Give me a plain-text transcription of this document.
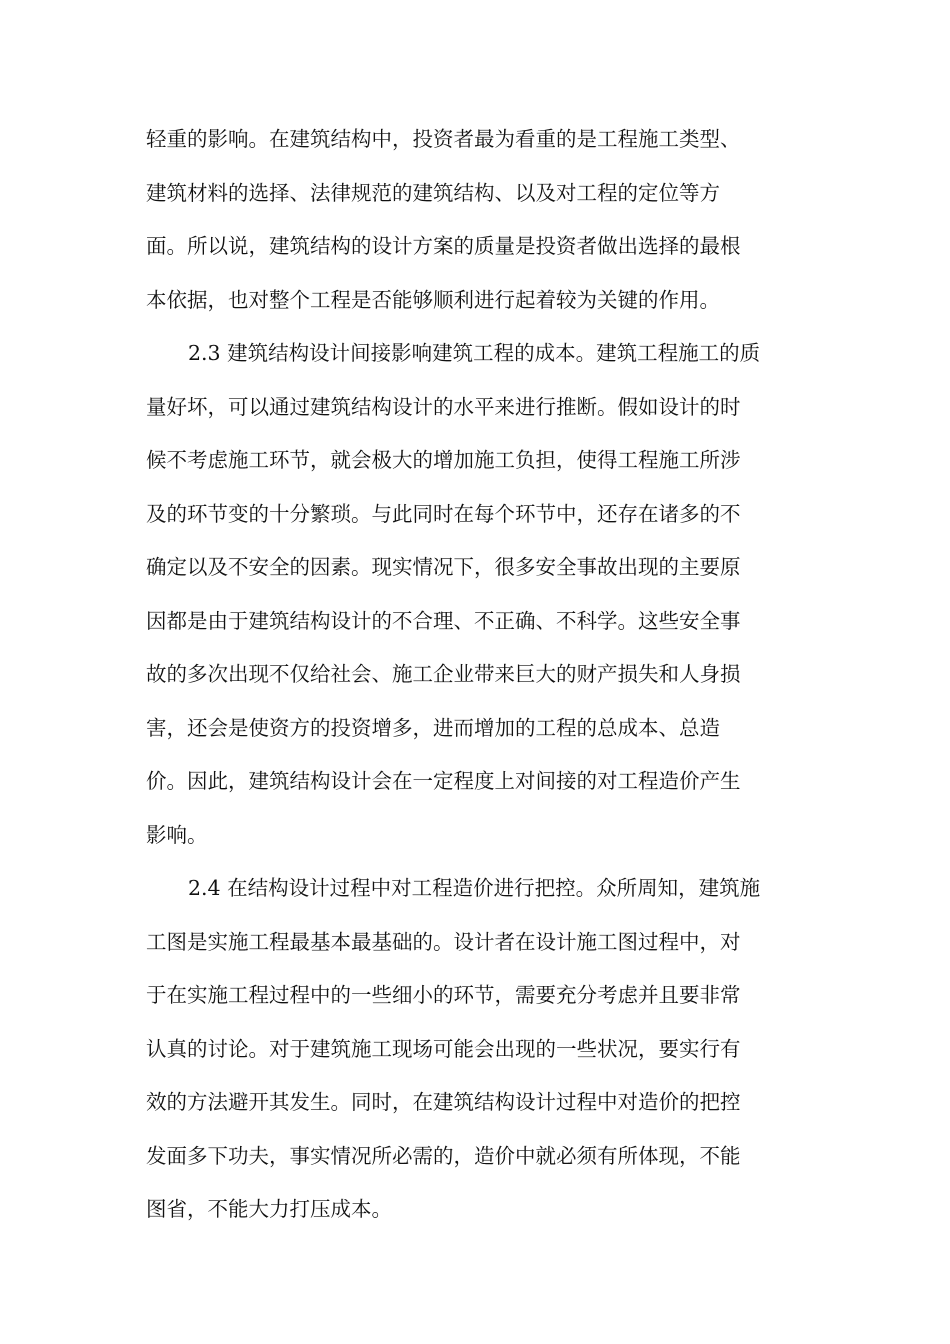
轻重的影响。在建筑结构中，投资者最为看重的是工程施工类型、
建筑材料的选择、法律规范的建筑结构、以及对工程的定位等方
面。所以说，建筑结构的设计方案的质量是投资者做出选择的最根
本依据，也对整个工程是否能够顺利进行起着较为关键的作用。
2.3 建筑结构设计间接影响建筑工程的成本。建筑工程施工的质
量好坏，可以通过建筑结构设计的水平来进行推断。假如设计的时
候不考虑施工环节，就会极大的增加施工负担，使得工程施工所涉
及的环节变的十分繁琐。与此同时在每个环节中，还存在诸多的不
确定以及不安全的因素。现实情况下，很多安全事故出现的主要原
因都是由于建筑结构设计的不合理、不正确、不科学。这些安全事
故的多次出现不仅给社会、施工企业带来巨大的财产损失和人身损
害，还会是使资方的投资增多，进而增加的工程的总成本、总造
价。因此，建筑结构设计会在一定程度上对间接的对工程造价产生
影响。
2.4 在结构设计过程中对工程造价进行把控。众所周知，建筑施
工图是实施工程最基本最基础的。设计者在设计施工图过程中，对
于在实施工程过程中的一些细小的环节，需要充分考虑并且要非常
认真的讨论。对于建筑施工现场可能会出现的一些状况，要实行有
效的方法避开其发生。同时，在建筑结构设计过程中对造价的把控
发面多下功夫，事实情况所必需的，造价中就必须有所体现，不能
图省，不能大力打压成本。
